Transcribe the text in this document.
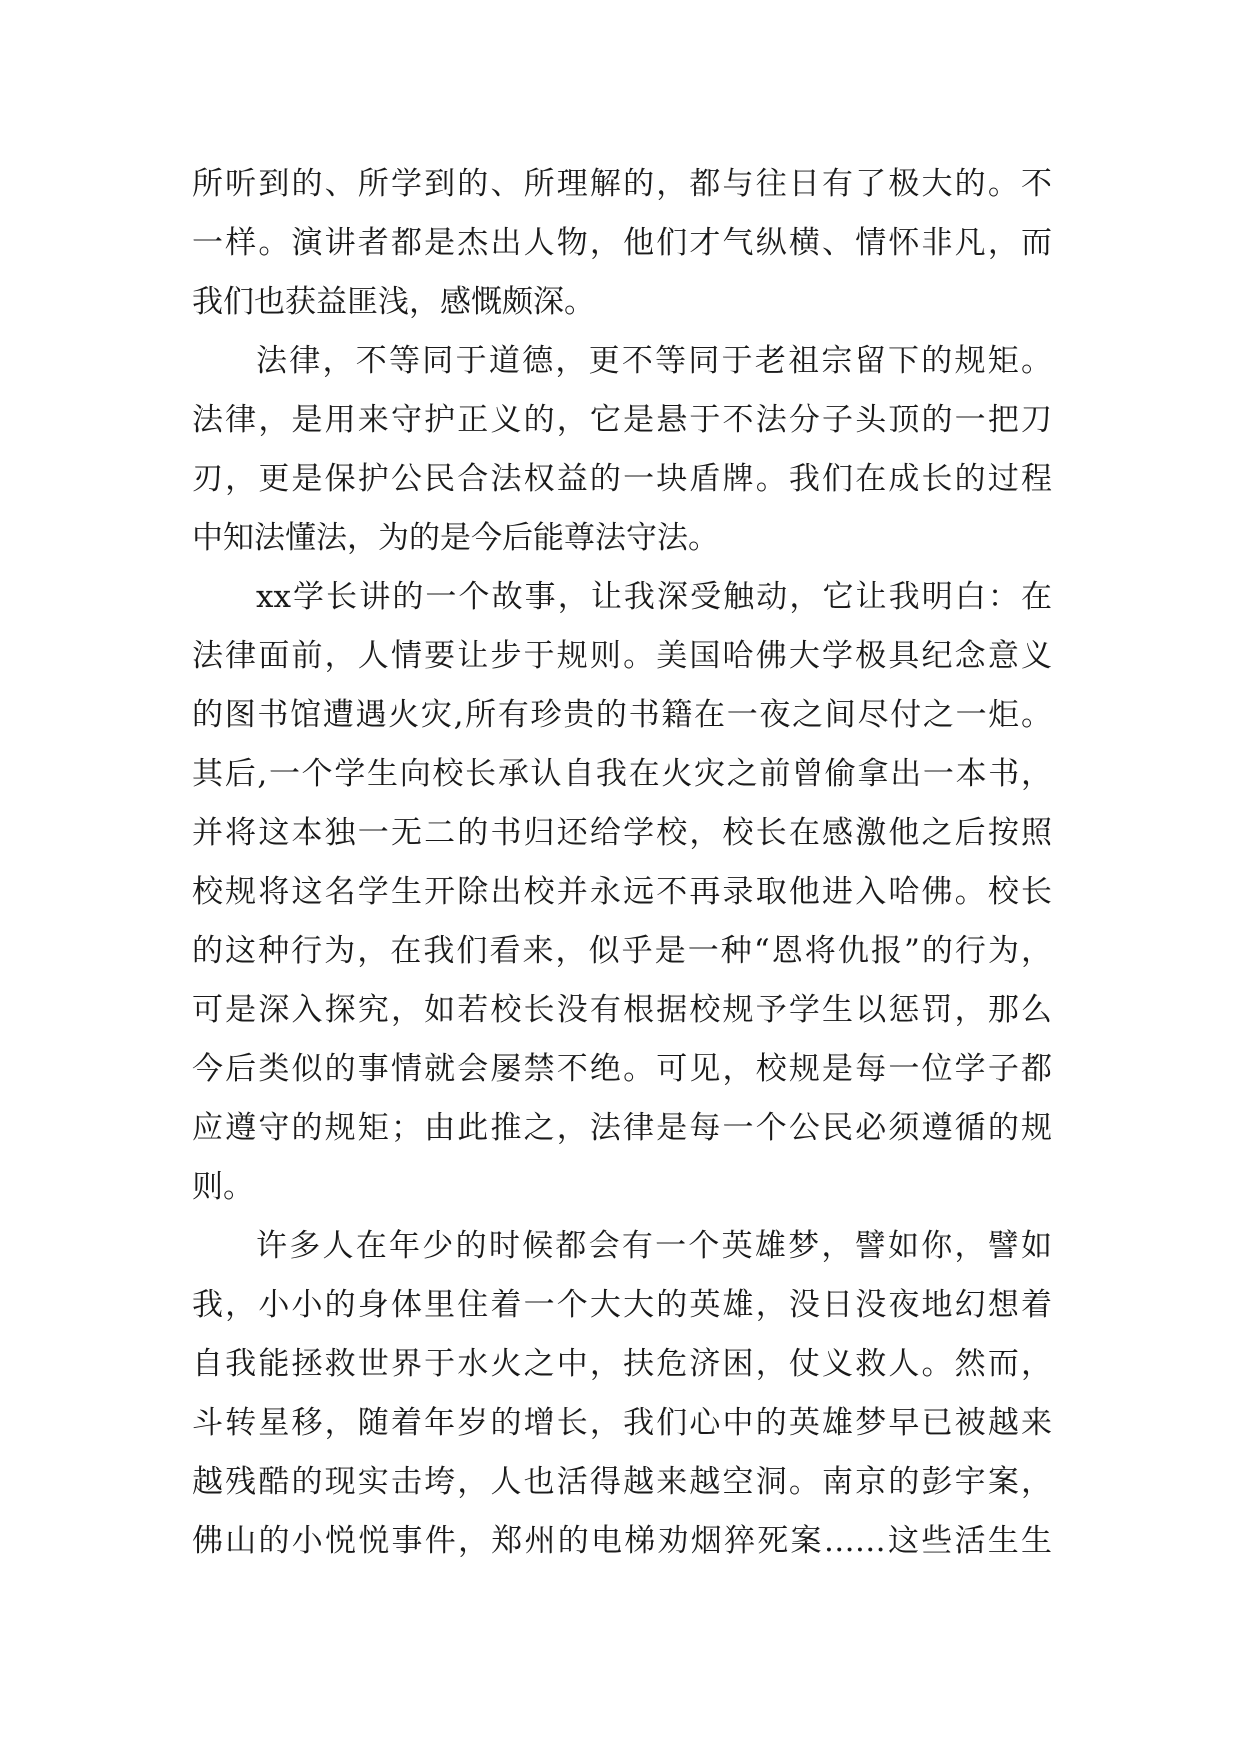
所听到的、所学到的、所理解的，都与往日有了极大的。不
一样。演讲者都是杰出人物，他们才气纵横、情怀非凡，而
我们也获益匪浅，感慨颇深。
法律，不等同于道德，更不等同于老祖宗留下的规矩。
法律，是用来守护正义的，它是悬于不法分子头顶的一把刀
刃，更是保护公民合法权益的一块盾牌。我们在成长的过程
中知法懂法，为的是今后能尊法守法。
xx学长讲的一个故事，让我深受触动，它让我明白：在
法律面前，人情要让步于规则。美国哈佛大学极具纪念意义
的图书馆遭遇火灾,所有珍贵的书籍在一夜之间尽付之一炬。
其后,一个学生向校长承认自我在火灾之前曾偷拿出一本书，
并将这本独一无二的书归还给学校，校长在感激他之后按照
校规将这名学生开除出校并永远不再录取他进入哈佛。校长
的这种行为，在我们看来，似乎是一种“恩将仇报”的行为，
可是深入探究，如若校长没有根据校规予学生以惩罚，那么
今后类似的事情就会屡禁不绝。可见，校规是每一位学子都
应遵守的规矩；由此推之，法律是每一个公民必须遵循的规
则。
许多人在年少的时候都会有一个英雄梦，譬如你，譬如
我，小小的身体里住着一个大大的英雄，没日没夜地幻想着
自我能拯救世界于水火之中，扶危济困，仗义救人。然而，
斗转星移，随着年岁的增长，我们心中的英雄梦早已被越来
越残酷的现实击垮，人也活得越来越空洞。南京的彭宇案，
佛山的小悦悦事件，郑州的电梯劝烟猝死案……这些活生生
